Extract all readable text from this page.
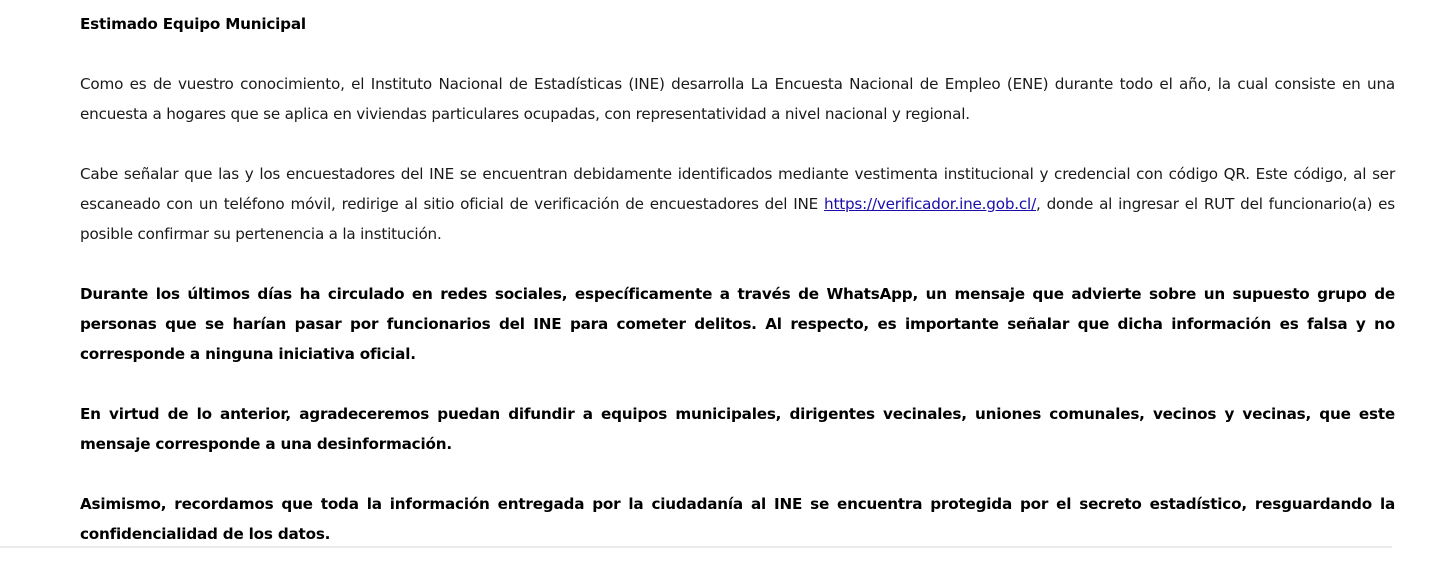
Estimado Equipo Municipal

Como es de vuestro conocimiento, el Instituto Nacional de Estadísticas (INE) desarrolla La Encuesta Nacional de Empleo (ENE) durante todo el año, la cual consiste en una encuesta a hogares que se aplica en viviendas particulares ocupadas, con representatividad a nivel nacional y regional.

Cabe señalar que las y los encuestadores del INE se encuentran debidamente identificados mediante vestimenta institucional y credencial con código QR. Este código, al ser escaneado con un teléfono móvil, redirige al sitio oficial de verificación de encuestadores del INE https://verificador.ine.gob.cl/, donde al ingresar el RUT del funcionario(a) es posible confirmar su pertenencia a la institución.

Durante los últimos días ha circulado en redes sociales, específicamente a través de WhatsApp, un mensaje que advierte sobre un supuesto grupo de personas que se harían pasar por funcionarios del INE para cometer delitos. Al respecto, es importante señalar que dicha información es falsa y no corresponde a ninguna iniciativa oficial.

En virtud de lo anterior, agradeceremos puedan difundir a equipos municipales, dirigentes vecinales, uniones comunales, vecinos y vecinas, que este mensaje corresponde a una desinformación.

Asimismo, recordamos que toda la información entregada por la ciudadanía al INE se encuentra protegida por el secreto estadístico, resguardando la confidencialidad de los datos.
